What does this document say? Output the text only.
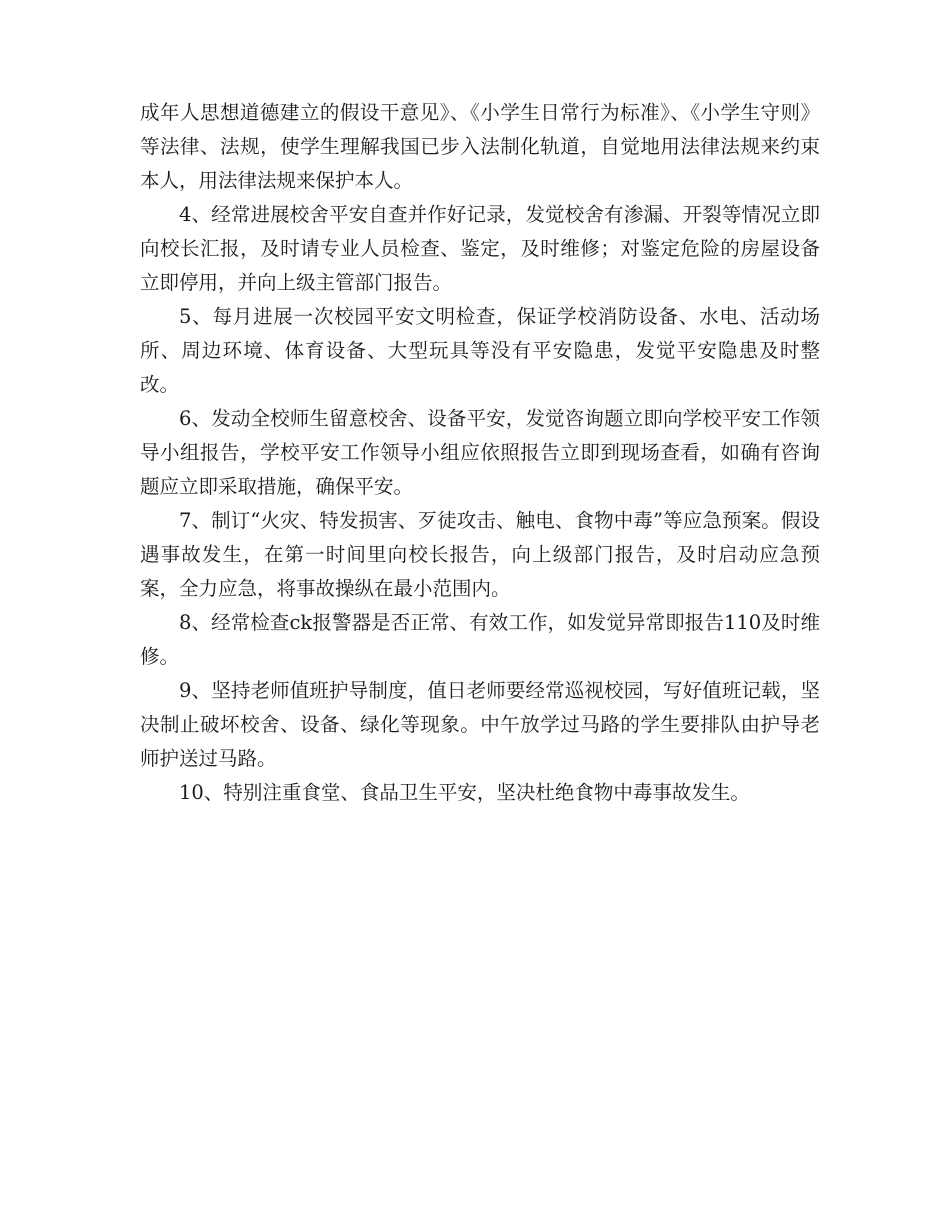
成年人思想道德建立的假设干意见》、《小学生日常行为标准》、《小学生守则》等法律、法规，使学生理解我国已步入法制化轨道，自觉地用法律法规来约束本人，用法律法规来保护本人。

4、经常进展校舍平安自查并作好记录，发觉校舍有渗漏、开裂等情况立即向校长汇报，及时请专业人员检查、鉴定，及时维修；对鉴定危险的房屋设备立即停用，并向上级主管部门报告。

5、每月进展一次校园平安文明检查，保证学校消防设备、水电、活动场所、周边环境、体育设备、大型玩具等没有平安隐患，发觉平安隐患及时整改。

6、发动全校师生留意校舍、设备平安，发觉咨询题立即向学校平安工作领导小组报告，学校平安工作领导小组应依照报告立即到现场查看，如确有咨询题应立即采取措施，确保平安。

7、制订“火灾、特发损害、歹徒攻击、触电、食物中毒”等应急预案。假设遇事故发生，在第一时间里向校长报告，向上级部门报告，及时启动应急预案，全力应急，将事故操纵在最小范围内。

8、经常检查ck报警器是否正常、有效工作，如发觉异常即报告110及时维修。

9、坚持老师值班护导制度，值日老师要经常巡视校园，写好值班记载，坚决制止破坏校舍、设备、绿化等现象。中午放学过马路的学生要排队由护导老师护送过马路。

10、特别注重食堂、食品卫生平安，坚决杜绝食物中毒事故发生。
